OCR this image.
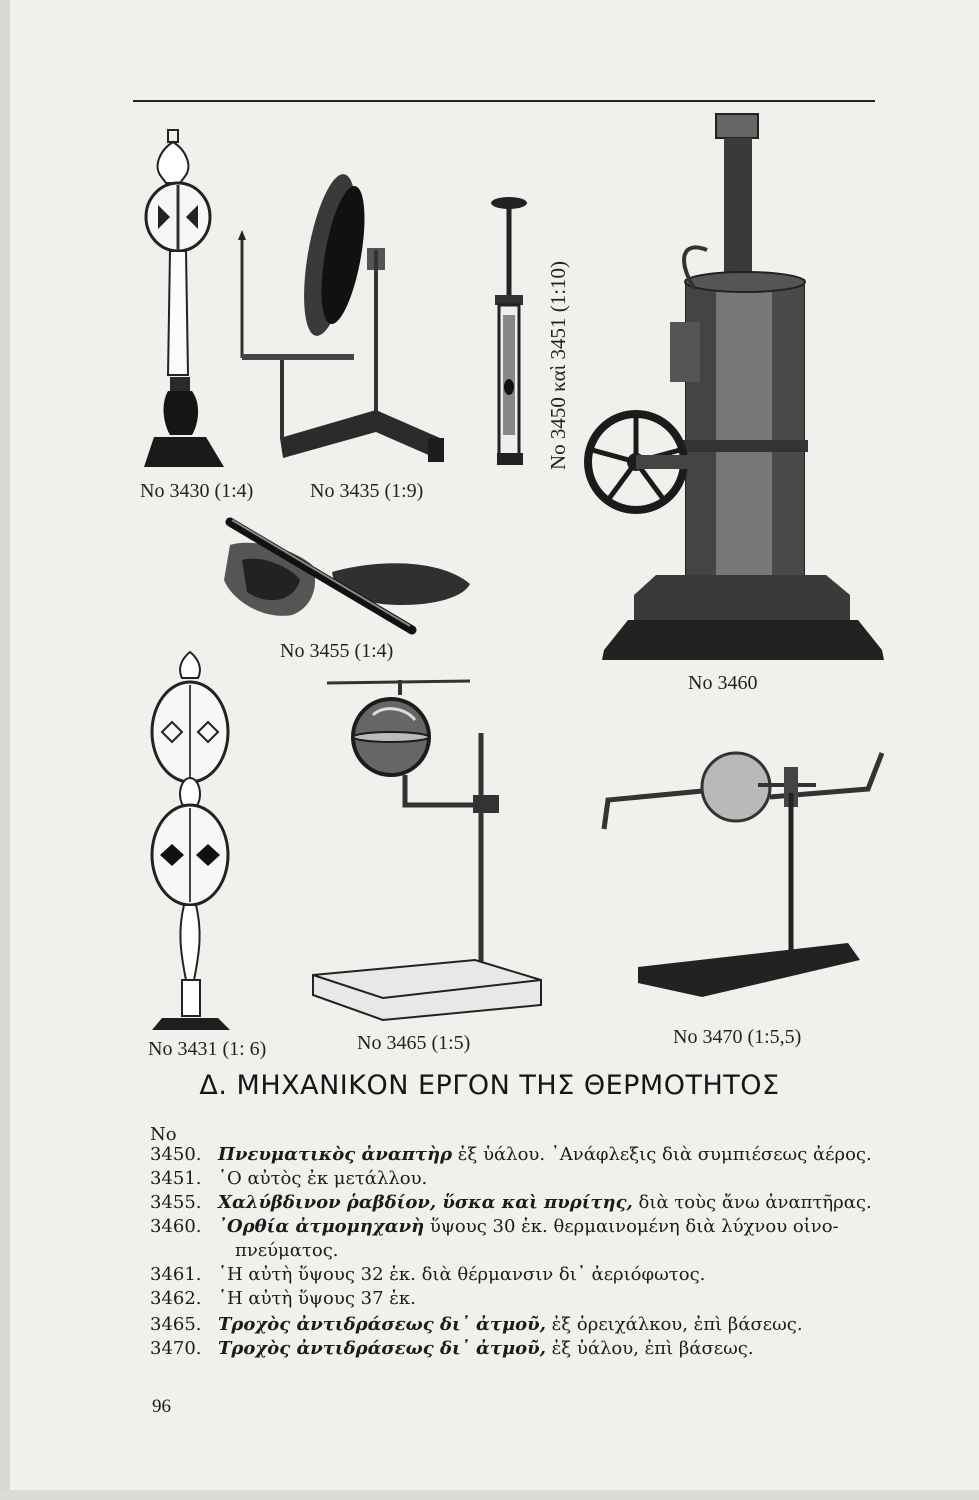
No 3430 (1:4)	No 3435 (1:9)
No 3450 καὶ 3451 (1:10)
No 3455 (1:4)
No 3460
No 3431 (1: 6)	No 3465 (1:5)	No 3470 (1:5,5)
Δ. ΜΗΧΑΝΙΚΟΝ ΕΡΓΟΝ ΤΗΣ ΘΕΡΜΟΤΗΤΟΣ
No
3450. Πνευματικὸς ἀναπτὴρ ἐξ ὑάλου. ᾿Ανάφλεξις διὰ συμπιέσεως ἀέρος.
3451. ῾Ο αὐτὸς ἐκ μετάλλου.
3455. Χαλύβδινον ῥαβδίον, ὕσκα καὶ πυρίτης, διὰ τοὺς ἄνω ἀναπτῆρας.
3460. ᾿Ορθία ἀτμομηχανὴ ὕψους 30 ἑκ. θερμαινομένη διὰ λύχνου οἰνο-
πνεύματος.
3461. ῾Η αὐτὴ ὕψους 32 ἑκ. διὰ θέρμανσιν δι᾿ ἀεριόφωτος.
3462. ῾Η αὐτὴ ὕψους 37 ἑκ.
3465. Τροχὸς ἀντιδράσεως δι᾿ ἀτμοῦ, ἐξ ὀρειχάλκου, ἐπὶ βάσεως.
3470. Τροχὸς ἀντιδράσεως δι᾿ ἀτμοῦ, ἐξ ὑάλου, ἐπὶ βάσεως.
96
